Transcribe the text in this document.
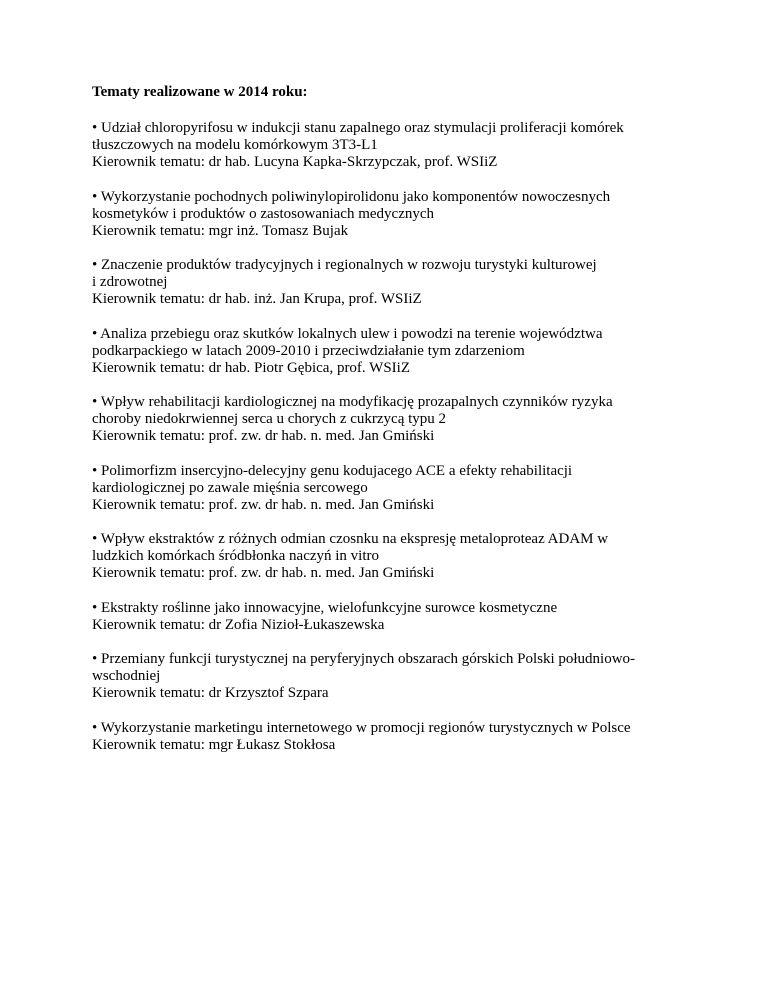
Tematy realizowane w 2014 roku:
• Udział chloropyrifosu w indukcji stanu zapalnego oraz stymulacji proliferacji komórek
tłuszczowych na modelu komórkowym 3T3-L1
Kierownik tematu: dr hab. Lucyna Kapka-Skrzypczak, prof. WSIiZ
• Wykorzystanie pochodnych poliwinylopirolidonu jako komponentów nowoczesnych
kosmetyków i produktów o zastosowaniach medycznych
Kierownik tematu: mgr inż. Tomasz Bujak
• Znaczenie produktów tradycyjnych i regionalnych w rozwoju turystyki kulturowej
i zdrowotnej
Kierownik tematu: dr hab. inż. Jan Krupa, prof. WSIiZ
• Analiza przebiegu oraz skutków lokalnych ulew i powodzi na terenie województwa
podkarpackiego w latach 2009-2010 i przeciwdziałanie tym zdarzeniom
Kierownik tematu: dr hab. Piotr Gębica, prof. WSIiZ
• Wpływ rehabilitacji kardiologicznej na modyfikację prozapalnych czynników ryzyka
choroby niedokrwiennej serca u chorych z cukrzycą typu 2
Kierownik tematu: prof. zw. dr hab. n. med. Jan Gmiński
• Polimorfizm insercyjno-delecyjny genu kodujacego ACE a efekty rehabilitacji
kardiologicznej po zawale mięśnia sercowego
Kierownik tematu: prof. zw. dr hab. n. med. Jan Gmiński
• Wpływ ekstraktów z różnych odmian czosnku na ekspresję metaloproteaz ADAM w
ludzkich komórkach śródbłonka naczyń in vitro
Kierownik tematu: prof. zw. dr hab. n. med. Jan Gmiński
• Ekstrakty roślinne jako innowacyjne, wielofunkcyjne surowce kosmetyczne
Kierownik tematu: dr Zofia Nizioł-Łukaszewska
• Przemiany funkcji turystycznej na peryferyjnych obszarach górskich Polski południowo-
wschodniej
Kierownik tematu: dr Krzysztof Szpara
• Wykorzystanie marketingu internetowego w promocji regionów turystycznych w Polsce
Kierownik tematu: mgr Łukasz Stokłosa
